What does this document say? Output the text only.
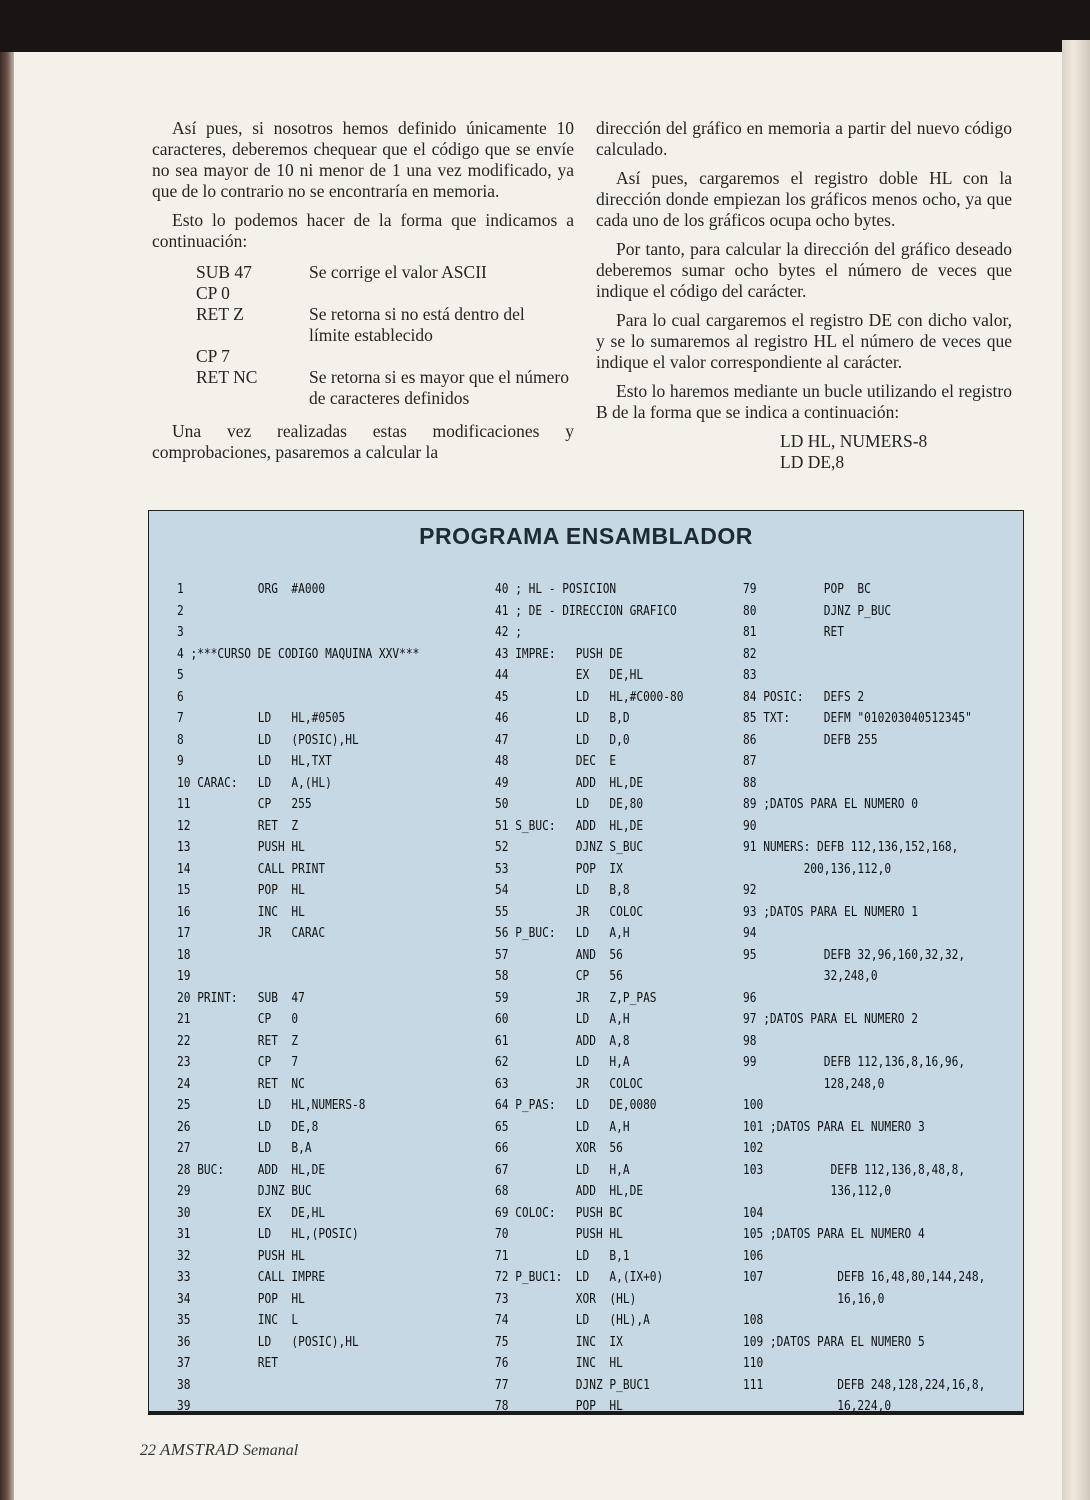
Así pues, si nosotros hemos definido únicamente 10 caracteres, deberemos chequear que el código que se envíe no sea mayor de 10 ni menor de 1 una vez modificado, ya que de lo contrario no se encontraría en memoria.

Esto lo podemos hacer de la forma que indicamos a continuación:

SUB 47	Se corrige el valor ASCII
CP 0	
RET Z	Se retorna si no está dentro del límite establecido
CP 7	
RET NC	Se retorna si es mayor que el número de caracteres definidos

Una vez realizadas estas modificaciones y comprobaciones, pasaremos a calcular la

dirección del gráfico en memoria a partir del nuevo código calculado.

Así pues, cargaremos el registro doble HL con la dirección donde empiezan los gráficos menos ocho, ya que cada uno de los gráficos ocupa ocho bytes.

Por tanto, para calcular la dirección del gráfico deseado deberemos sumar ocho bytes el número de veces que indique el código del carácter.

Para lo cual cargaremos el registro DE con dicho valor, y se lo sumaremos al registro HL el número de veces que indique el valor correspondiente al carácter.

Esto lo haremos mediante un bucle utilizando el registro B de la forma que se indica a continuación:

LD HL, NUMERS-8
LD DE,8
PROGRAMA ENSAMBLADOR
1           ORG  #A000
2
3
4 ;***CURSO DE CODIGO MAQUINA XXV***
5
6
7           LD   HL,#0505
8           LD   (POSIC),HL
9           LD   HL,TXT
10 CARAC:   LD   A,(HL)
11          CP   255
12          RET  Z
13          PUSH HL
14          CALL PRINT
15          POP  HL
16          INC  HL
17          JR   CARAC
18
19
20 PRINT:   SUB  47
21          CP   0
22          RET  Z
23          CP   7
24          RET  NC
25          LD   HL,NUMERS-8
26          LD   DE,8
27          LD   B,A
28 BUC:     ADD  HL,DE
29          DJNZ BUC
30          EX   DE,HL
31          LD   HL,(POSIC)
32          PUSH HL
33          CALL IMPRE
34          POP  HL
35          INC  L
36          LD   (POSIC),HL
37          RET
38
39
40 ; HL - POSICION
41 ; DE - DIRECCION GRAFICO
42 ;
43 IMPRE:   PUSH DE
44          EX   DE,HL
45          LD   HL,#C000-80
46          LD   B,D
47          LD   D,0
48          DEC  E
49          ADD  HL,DE
50          LD   DE,80
51 S_BUC:   ADD  HL,DE
52          DJNZ S_BUC
53          POP  IX
54          LD   B,8
55          JR   COLOC
56 P_BUC:   LD   A,H
57          AND  56
58          CP   56
59          JR   Z,P_PAS
60          LD   A,H
61          ADD  A,8
62          LD   H,A
63          JR   COLOC
64 P_PAS:   LD   DE,0080
65          LD   A,H
66          XOR  56
67          LD   H,A
68          ADD  HL,DE
69 COLOC:   PUSH BC
70          PUSH HL
71          LD   B,1
72 P_BUC1:  LD   A,(IX+0)
73          XOR  (HL)
74          LD   (HL),A
75          INC  IX
76          INC  HL
77          DJNZ P_BUC1
78          POP  HL
79          POP  BC
80          DJNZ P_BUC
81          RET
82
83
84 POSIC:   DEFS 2
85 TXT:     DEFM "010203040512345"
86          DEFB 255
87
88
89 ;DATOS PARA EL NUMERO 0
90
91 NUMERS: DEFB 112,136,152,168,
200,136,112,0
92
93 ;DATOS PARA EL NUMERO 1
94
95          DEFB 32,96,160,32,32,
32,248,0
96
97 ;DATOS PARA EL NUMERO 2
98
99          DEFB 112,136,8,16,96,
128,248,0
100
101 ;DATOS PARA EL NUMERO 3
102
103          DEFB 112,136,8,48,8,
136,112,0
104
105 ;DATOS PARA EL NUMERO 4
106
107           DEFB 16,48,80,144,248,
16,16,0
108
109 ;DATOS PARA EL NUMERO 5
110
111           DEFB 248,128,224,16,8,
16,224,0
22 AMSTRAD Semanal
